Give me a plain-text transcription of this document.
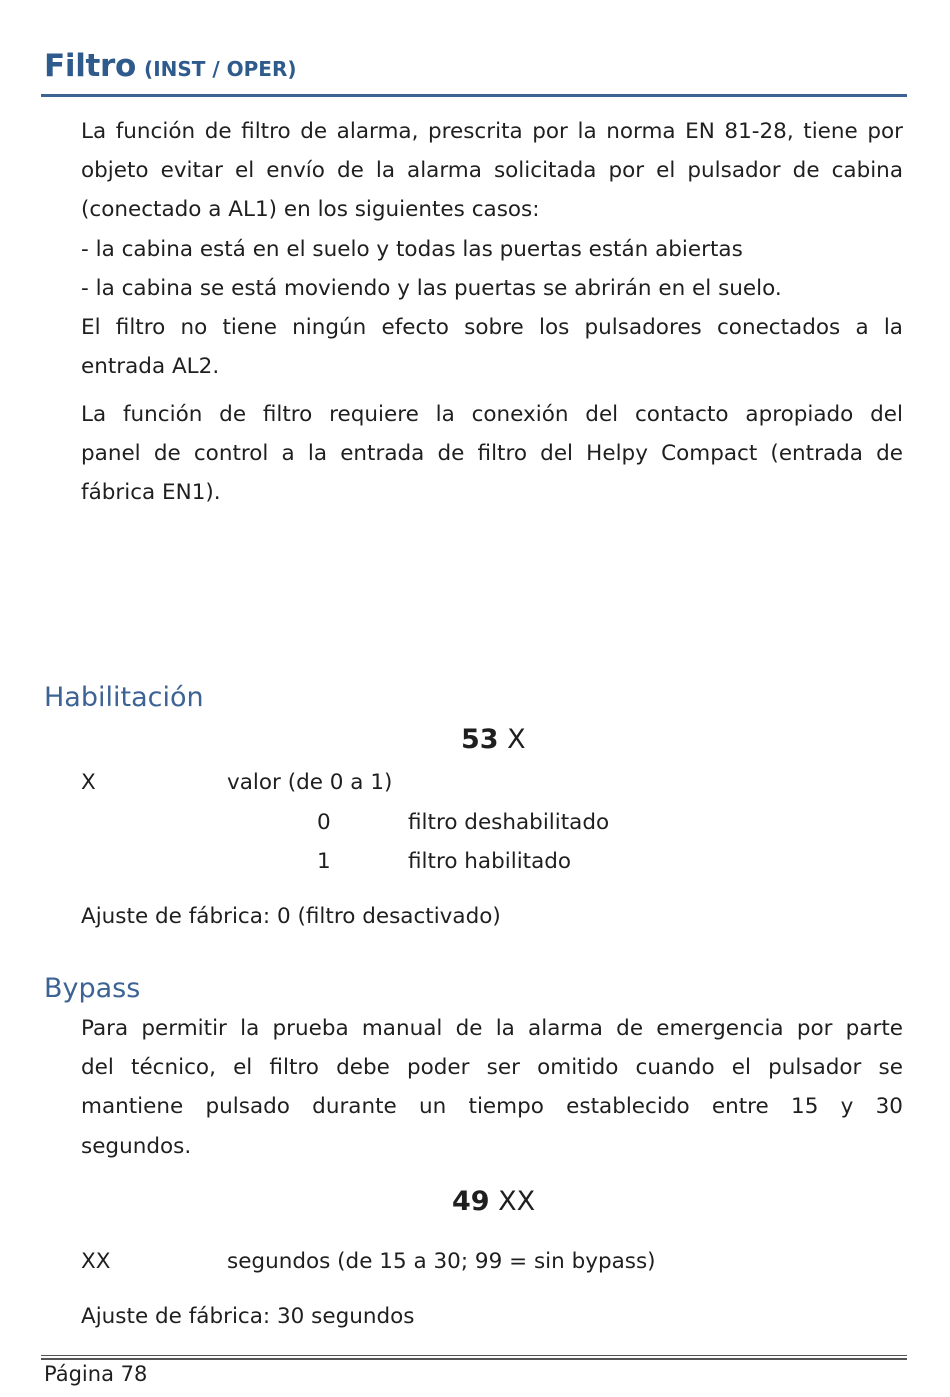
Filtro (INST / OPER)
La función de filtro de alarma, prescrita por la norma EN 81-28, tiene por
objeto evitar el envío de la alarma solicitada por el pulsador de cabina
(conectado a AL1) en los siguientes casos:
- la cabina está en el suelo y todas las puertas están abiertas
- la cabina se está moviendo y las puertas se abrirán en el suelo.
El filtro no tiene ningún efecto sobre los pulsadores conectados a la
entrada AL2.
La función de filtro requiere la conexión del contacto apropiado del
panel de control a la entrada de filtro del Helpy Compact (entrada de
fábrica EN1).
Habilitación
53 X
X	valor (de 0 a 1)
0	filtro deshabilitado
1	filtro habilitado
Ajuste de fábrica: 0 (filtro desactivado)
Bypass
Para permitir la prueba manual de la alarma de emergencia por parte
del técnico, el filtro debe poder ser omitido cuando el pulsador se
mantiene pulsado durante un tiempo establecido entre 15 y 30
segundos.
49 XX
XX	segundos (de 15 a 30; 99 = sin bypass)
Ajuste de fábrica: 30 segundos
Página 78
